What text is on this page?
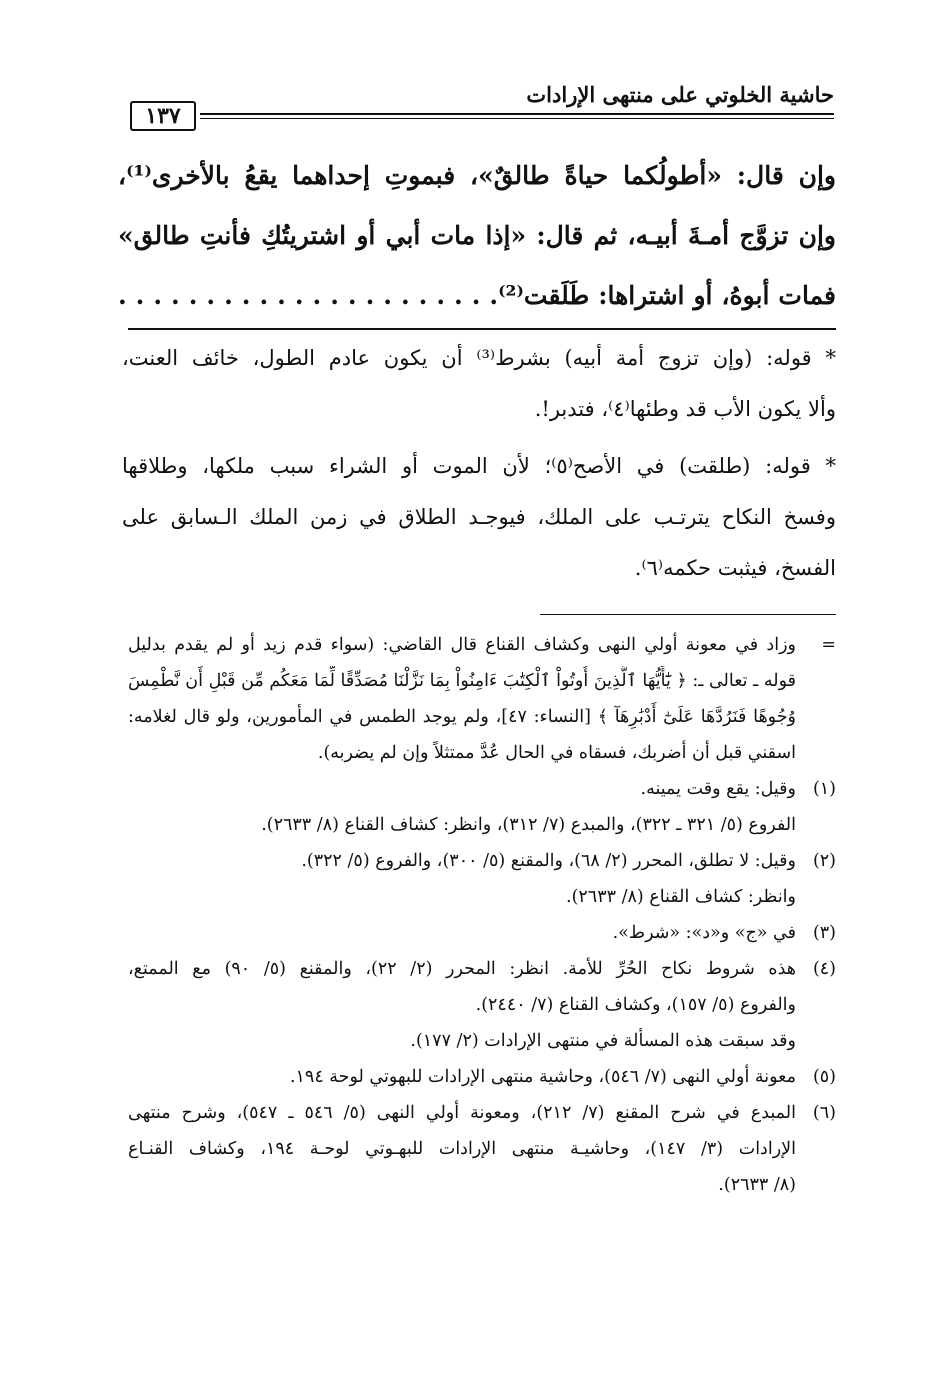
حاشية الخلوتي على منتهى الإرادات
١٣٧
وإن قال: «أطولُكما حياةً طالقٌ»، فبموتِ إحداهما يقعُ بالأخرى⁽¹⁾،
وإن تزوَّج أمـةَ أبيـه، ثم قال: «إذا مات أبي أو اشتريتُكِ فأنتِ طالق»
فمات أبوهُ، أو اشتراها: طَلَقت⁽²⁾. . . . . . . . . . . . . . . . . . . . . .
* قوله: (وإن تزوج أمة أبيه) بشرط⁽³⁾ أن يكون عادم الطول، خائف العنت،
وألا يكون الأب قد وطئها⁽٤⁾، فتدبر!.
* قوله: (طلقت) في الأصح⁽٥⁾؛ لأن الموت أو الشراء سبب ملكها، وطلاقها
وفسخ النكاح يترتـب على الملك، فيوجـد الطلاق في زمن الملك الـسابق على
الفسخ، فيثبت حكمه⁽٦⁾.
=وزاد في معونة أولي النهى وكشاف القناع قال القاضي: (سواء قدم زيد أو لم يقدم بدليل
قوله ـ تعالى ـ: ﴿ يَٰٓأَيُّهَا ٱلَّذِينَ أُوتُواْ ٱلْكِتَٰبَ ءَامِنُواْ بِمَا نَزَّلْنَا مُصَدِّقًا لِّمَا مَعَكُم مِّن قَبْلِ أَن نَّطْمِسَ
وُجُوهًا فَنَرُدَّهَا عَلَىٰٓ أَدْبَٰرِهَآ ﴾ [النساء: ٤٧]، ولم يوجد الطمس في المأمورين، ولو قال لغلامه:
اسقني قبل أن أضربك، فسقاه في الحال عُدَّ ممتثلاً وإن لم يضربه).
(١)وقيل: يقع وقت يمينه.
الفروع (٥/ ٣٢١ ـ ٣٢٢)، والمبدع (٧/ ٣١٢)، وانظر: كشاف القناع (٨/ ٢٦٣٣).
(٢)وقيل: لا تطلق، المحرر (٢/ ٦٨)، والمقنع (٥/ ٣٠٠)، والفروع (٥/ ٣٢٢).
وانظر: كشاف القناع (٨/ ٢٦٣٣).
(٣)في «ج» و«د»: «شرط».
(٤)هذه شروط نكاح الحُرِّ للأمة. انظر: المحرر (٢/ ٢٢)، والمقنع (٥/ ٩٠) مع الممتع،
والفروع (٥/ ١٥٧)، وكشاف القناع (٧/ ٢٤٤٠).
وقد سبقت هذه المسألة في منتهى الإرادات (٢/ ١٧٧).
(٥)معونة أولي النهى (٧/ ٥٤٦)، وحاشية منتهى الإرادات للبهوتي لوحة ١٩٤.
(٦)المبدع في شرح المقنع (٧/ ٢١٢)، ومعونة أولي النهى (٥/ ٥٤٦ ـ ٥٤٧)، وشرح منتهى
الإرادات (٣/ ١٤٧)، وحاشيـة منتهى الإرادات للبهـوتي لوحـة ١٩٤، وكشاف القنـاع
(٨/ ٢٦٣٣).
